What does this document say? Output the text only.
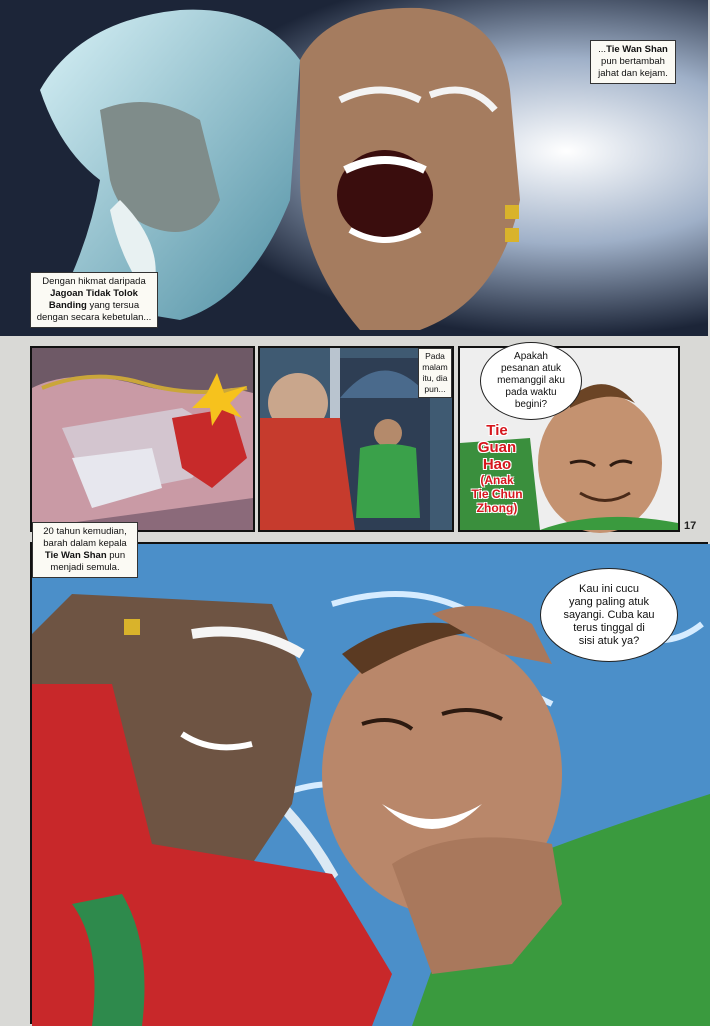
...Tie Wan Shan
pun bertambah
jahat dan kejam.
Dengan hikmat daripada
Jagoan Tidak Tolok
Banding yang tersua
dengan secara kebetulan...
Pada
malam
itu, dia
pun...
Apakah
pesanan atuk
memanggil aku
pada waktu
begini?
Tie
Guan
Hao
(Anak
Tie Chun
Zhong)
17
20 tahun kemudian,
barah dalam kepala
Tie Wan Shan pun
menjadi semula.
Kau ini cucu
yang paling atuk
sayangi. Cuba kau
terus tinggal di
sisi atuk ya?
